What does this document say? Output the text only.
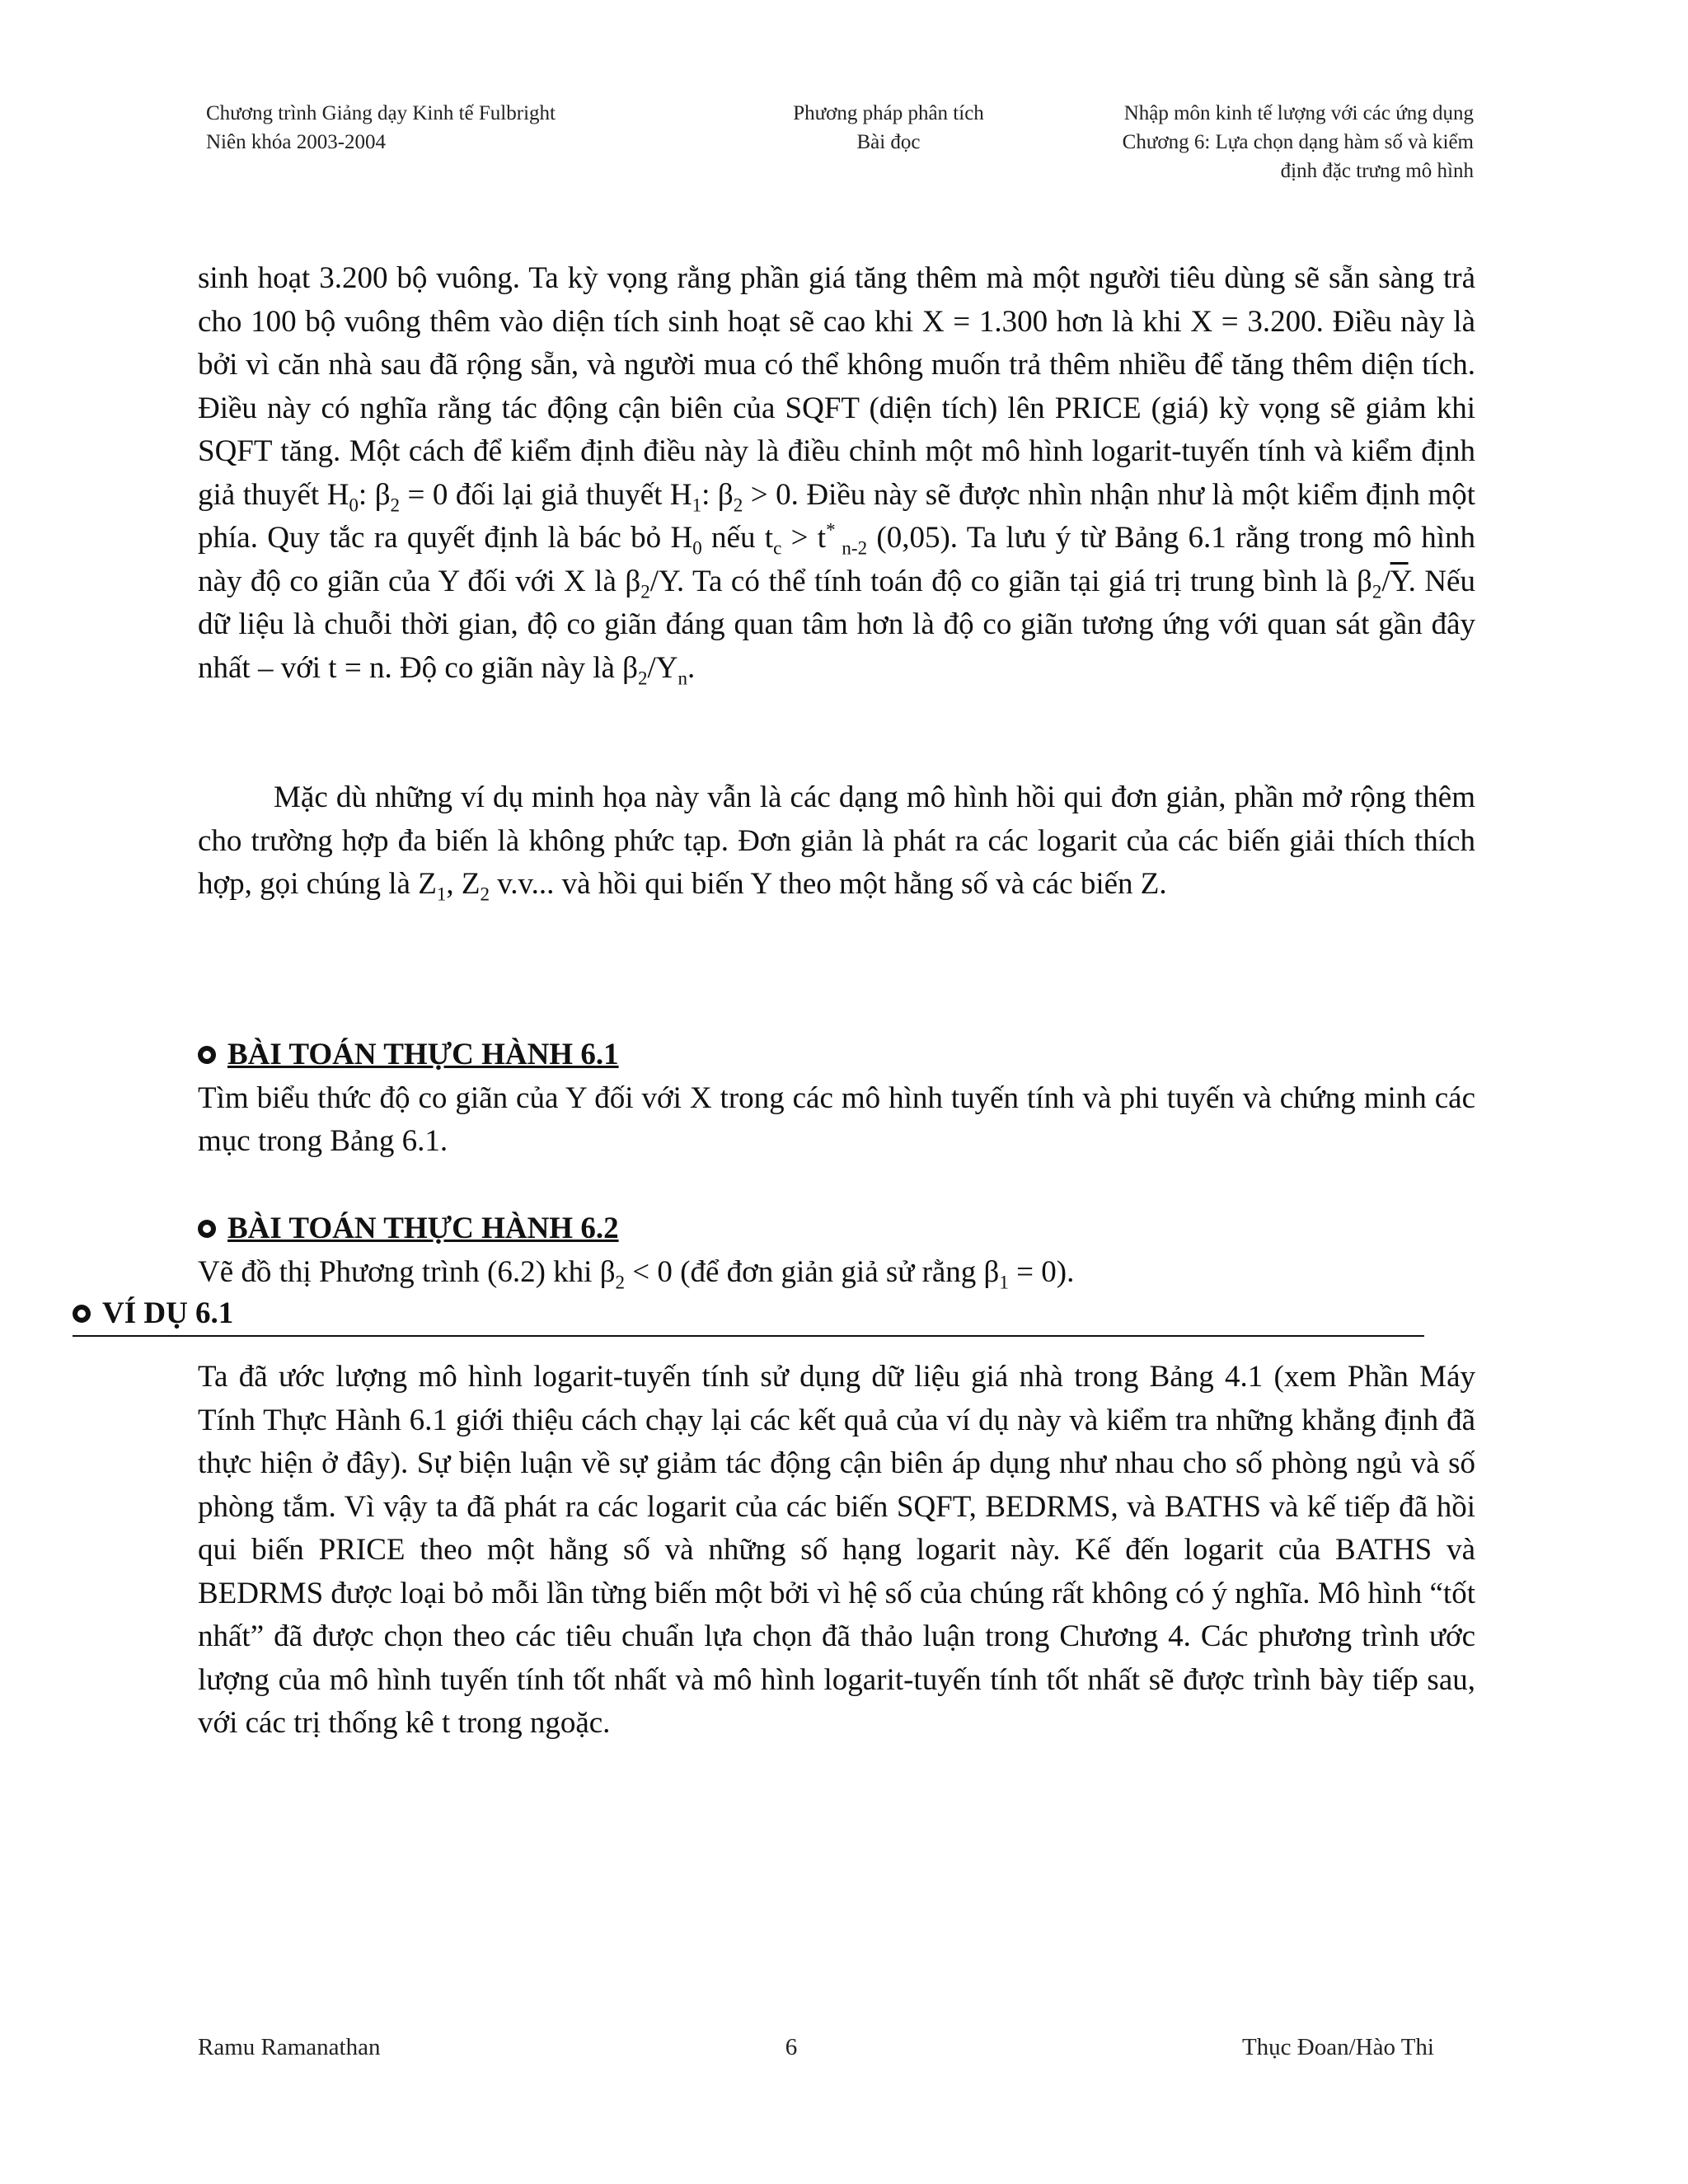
Chương trình Giảng dạy Kinh tế Fulbright
Niên khóa 2003-2004
Phương pháp phân tích
Bài đọc
Nhập môn kinh tế lượng với các ứng dụng
Chương 6: Lựa chọn dạng hàm số và kiểm
định đặc trưng mô hình

sinh hoạt 3.200 bộ vuông. Ta kỳ vọng rằng phần giá tăng thêm mà một người tiêu dùng sẽ sẵn sàng trả cho 100 bộ vuông thêm vào diện tích sinh hoạt sẽ cao khi X = 1.300 hơn là khi X = 3.200. Điều này là bởi vì căn nhà sau đã rộng sẵn, và người mua có thể không muốn trả thêm nhiều để tăng thêm diện tích. Điều này có nghĩa rằng tác động cận biên của SQFT (diện tích) lên PRICE (giá) kỳ vọng sẽ giảm khi SQFT tăng. Một cách để kiểm định điều này là điều chỉnh một mô hình logarit-tuyến tính và kiểm định giả thuyết $H_0$: $\beta_2 = 0$ đối lại giả thuyết $H_1$: $\beta_2 > 0$. Điều này sẽ được nhìn nhận như là một kiểm định một phía. Quy tắc ra quyết định là bác bỏ $H_0$ nếu $t_c > t^*$ $_{n-2}$ (0,05). Ta lưu ý từ Bảng 6.1 rằng trong mô hình này độ co giãn của Y đối với X là $\beta_2/Y$. Ta có thể tính toán độ co giãn tại giá trị trung bình là $\beta_2/\overline{Y}$. Nếu dữ liệu là chuỗi thời gian, độ co giãn đáng quan tâm hơn là độ co giãn tương ứng với quan sát gần đây nhất – với t = n. Độ co giãn này là $\beta_2/Y_n$.

Mặc dù những ví dụ minh họa này vẫn là các dạng mô hình hồi qui đơn giản, phần mở rộng thêm cho trường hợp đa biến là không phức tạp. Đơn giản là phát ra các logarit của các biến giải thích thích hợp, gọi chúng là $Z_1$, $Z_2$ v.v... và hồi qui biến Y theo một hằng số và các biến Z.

BÀI TOÁN THỰC HÀNH 6.1
Tìm biểu thức độ co giãn của Y đối với X trong các mô hình tuyến tính và phi tuyến và chứng minh các mục trong Bảng 6.1.
BÀI TOÁN THỰC HÀNH 6.2
Vẽ đồ thị Phương trình (6.2) khi $\beta_2 < 0$ (để đơn giản giả sử rằng $\beta_1 = 0$).
VÍ DỤ 6.1

Ta đã ước lượng mô hình logarit-tuyến tính sử dụng dữ liệu giá nhà trong Bảng 4.1 (xem Phần Máy Tính Thực Hành 6.1 giới thiệu cách chạy lại các kết quả của ví dụ này và kiểm tra những khẳng định đã thực hiện ở đây). Sự biện luận về sự giảm tác động cận biên áp dụng như nhau cho số phòng ngủ và số phòng tắm. Vì vậy ta đã phát ra các logarit của các biến SQFT, BEDRMS, và BATHS và kế tiếp đã hồi qui biến PRICE theo một hằng số và những số hạng logarit này. Kế đến logarit của BATHS và BEDRMS được loại bỏ mỗi lần từng biến một bởi vì hệ số của chúng rất không có ý nghĩa. Mô hình “tốt nhất” đã được chọn theo các tiêu chuẩn lựa chọn đã thảo luận trong Chương 4. Các phương trình ước lượng của mô hình tuyến tính tốt nhất và mô hình logarit-tuyến tính tốt nhất sẽ được trình bày tiếp sau, với các trị thống kê t trong ngoặc.

Ramu Ramanathan	6	Thục Đoan/Hào Thi
